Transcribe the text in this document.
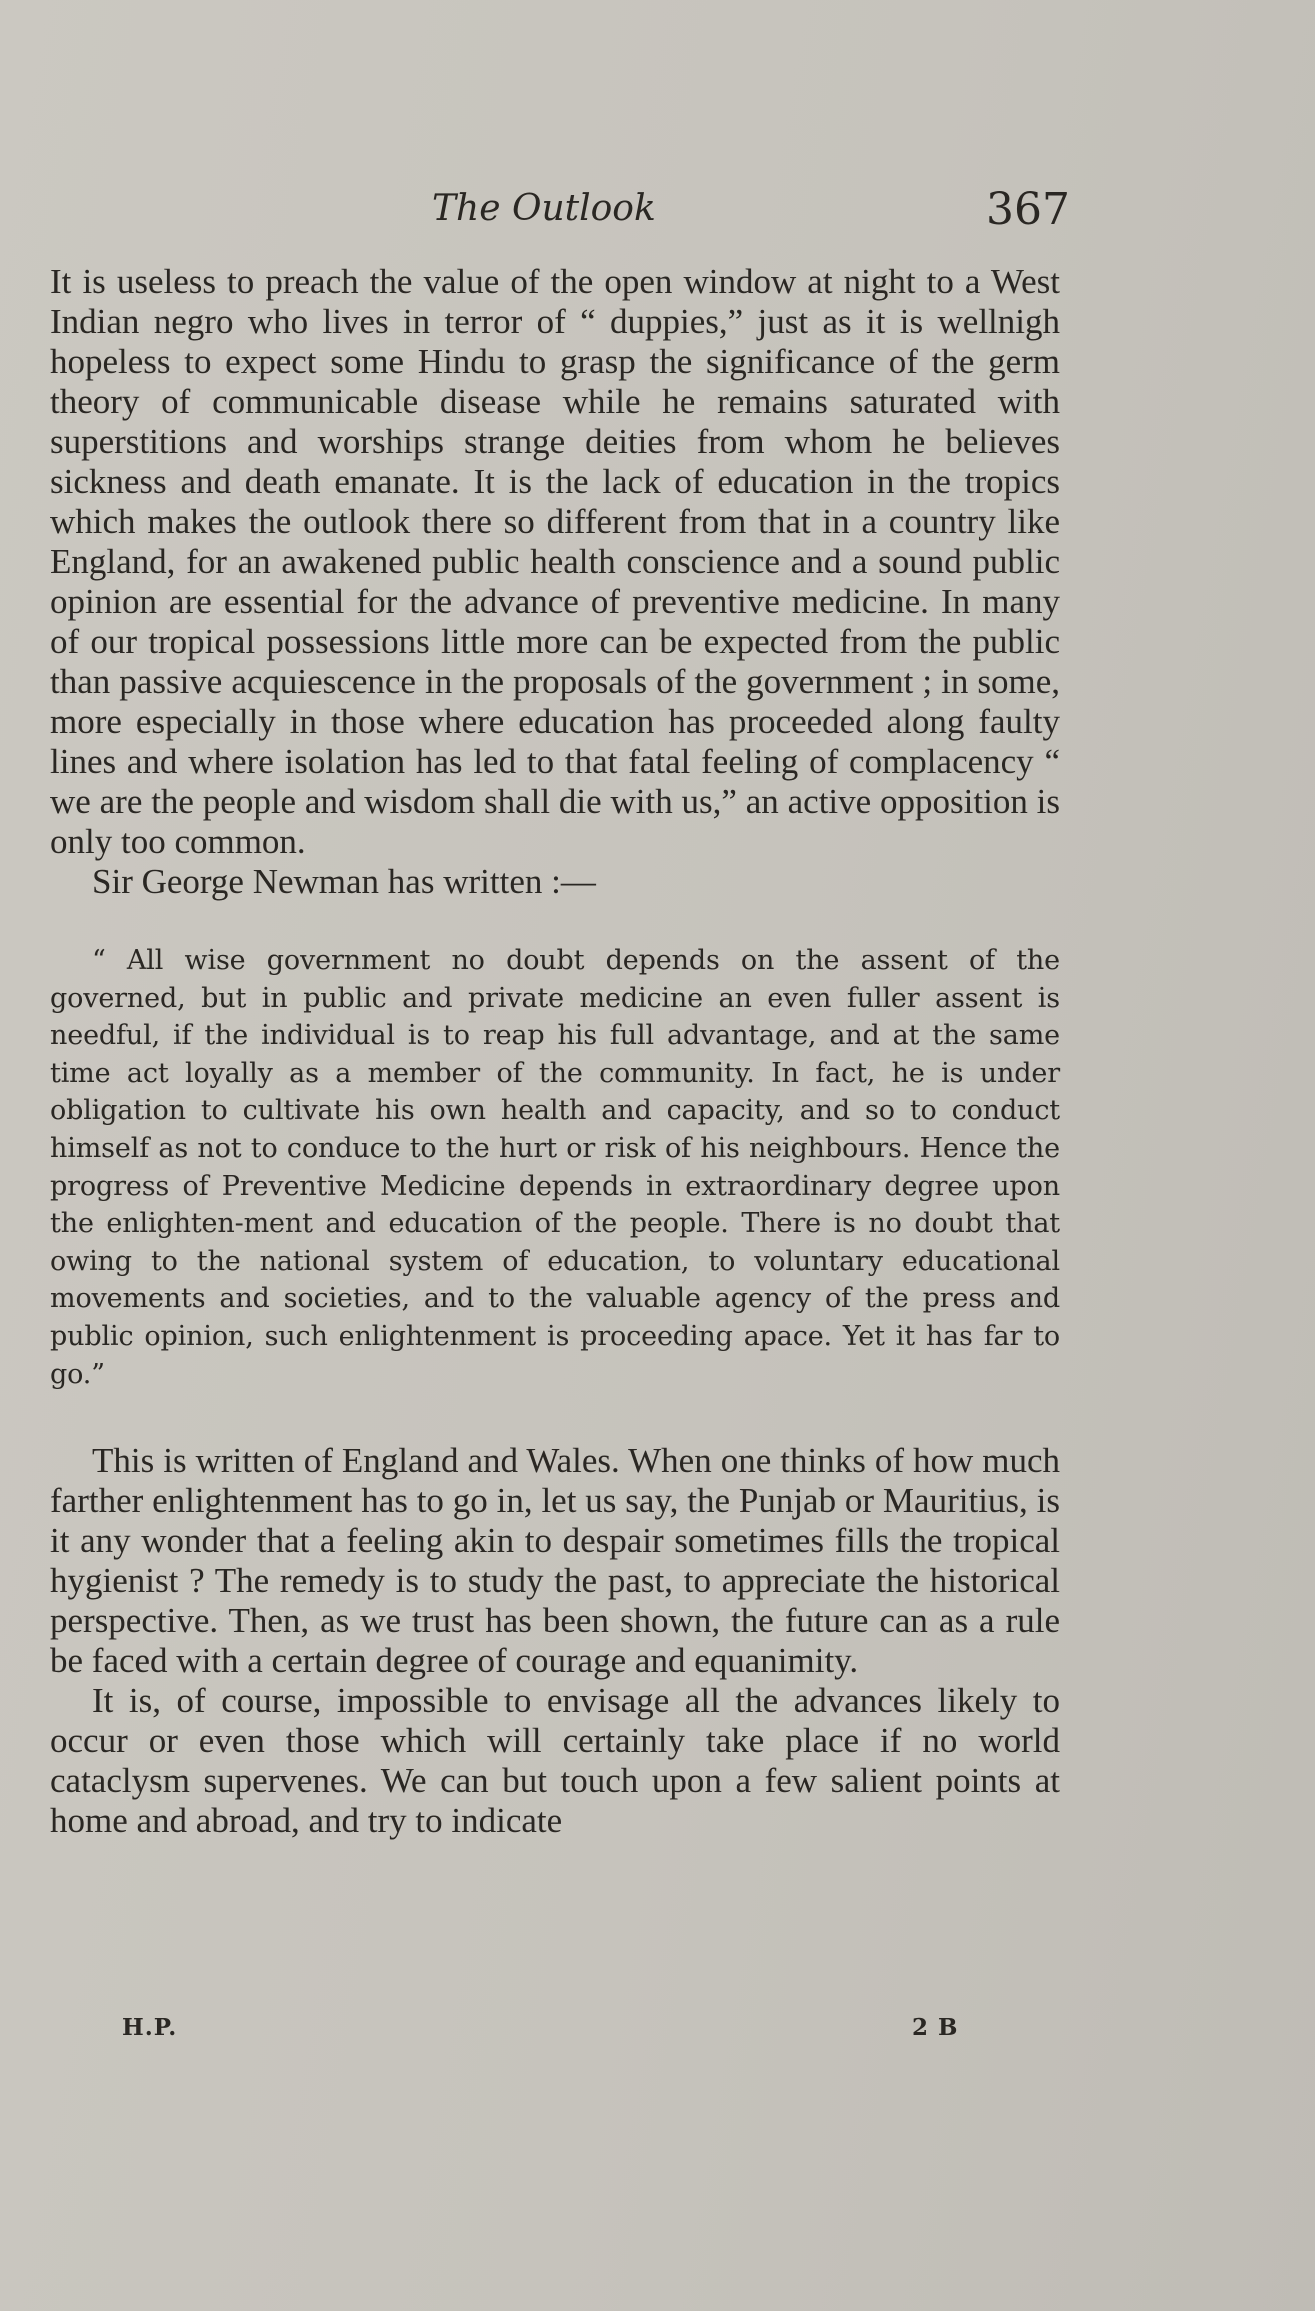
The Outlook	367

It is useless to preach the value of the open window at night to a West Indian negro who lives in terror of “ duppies,” just as it is wellnigh hopeless to expect some Hindu to grasp the significance of the germ theory of communicable disease while he remains saturated with superstitions and worships strange deities from whom he believes sickness and death emanate. It is the lack of education in the tropics which makes the outlook there so different from that in a country like England, for an awakened public health conscience and a sound public opinion are essential for the advance of preventive medicine. In many of our tropical possessions little more can be expected from the public than passive acquiescence in the proposals of the government ; in some, more especially in those where education has proceeded along faulty lines and where isolation has led to that fatal feeling of complacency “ we are the people and wisdom shall die with us,” an active opposition is only too common.

Sir George Newman has written :—

“ All wise government no doubt depends on the assent of the governed, but in public and private medicine an even fuller assent is needful, if the individual is to reap his full advantage, and at the same time act loyally as a member of the community. In fact, he is under obligation to cultivate his own health and capacity, and so to conduct himself as not to conduce to the hurt or risk of his neighbours. Hence the progress of Preventive Medicine depends in extraordinary degree upon the enlighten-ment and education of the people. There is no doubt that owing to the national system of education, to voluntary educational movements and societies, and to the valuable agency of the press and public opinion, such enlightenment is proceeding apace. Yet it has far to go.”

This is written of England and Wales. When one thinks of how much farther enlightenment has to go in, let us say, the Punjab or Mauritius, is it any wonder that a feeling akin to despair sometimes fills the tropical hygienist ? The remedy is to study the past, to appreciate the historical perspective. Then, as we trust has been shown, the future can as a rule be faced with a certain degree of courage and equanimity.

It is, of course, impossible to envisage all the advances likely to occur or even those which will certainly take place if no world cataclysm supervenes. We can but touch upon a few salient points at home and abroad, and try to indicate

H.P.	2 B
